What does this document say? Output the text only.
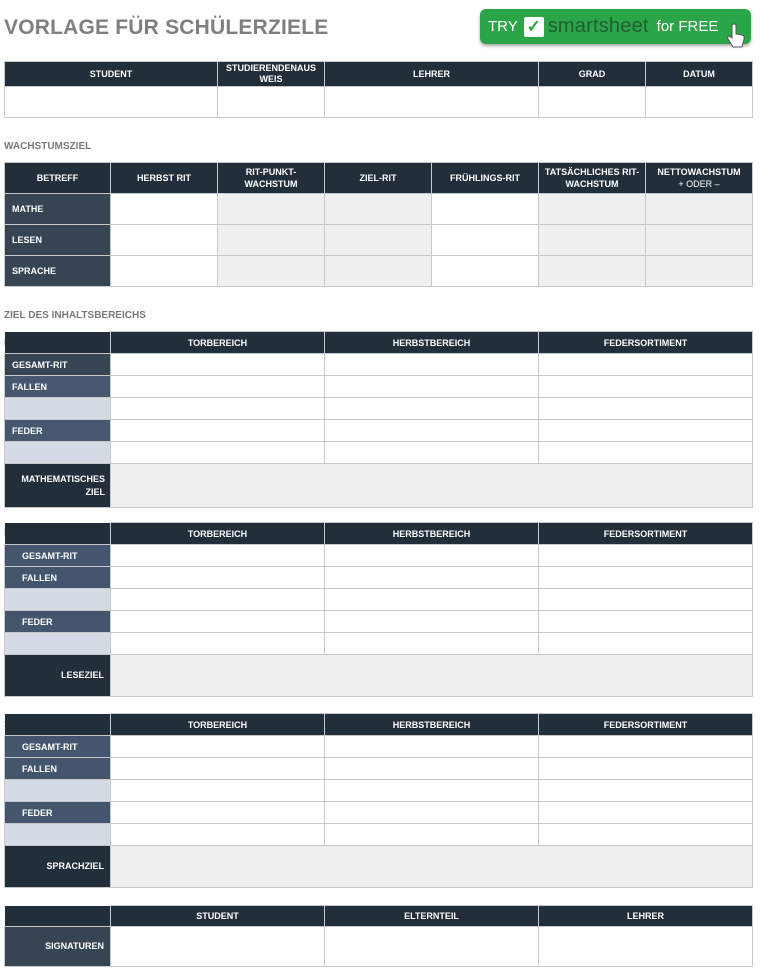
VORLAGE FÜR SCHÜLERZIELE	TRY ✓ smartsheet for FREE
STUDENT	STUDIERENDENAUSWEIS	LEHRER	GRAD	DATUM

WACHSTUMSZIEL
BETREFF	HERBST RIT	RIT-PUNKT-WACHSTUM	ZIEL-RIT	FRÜHLINGS-RIT	TATSÄCHLICHES RIT-WACHSTUM	NETTOWACHSTUM
+ ODER –

MATHE						
LESEN						
SPRACHE						
ZIEL DES INHALTSBEREICHS
	TORBEREICH	HERBSTBEREICH	FEDERSORTIMENT
GESAMT-RIT			
FALLEN			

FEDER			

MATHEMATISCHES ZIEL			
	TORBEREICH	HERBSTBEREICH	FEDERSORTIMENT
GESAMT-RIT			
FALLEN			

FEDER			

LESEZIEL			
	TORBEREICH	HERBSTBEREICH	FEDERSORTIMENT
GESAMT-RIT			
FALLEN			

FEDER			

SPRACHZIEL			
	STUDENT	ELTERNTEIL	LEHRER
SIGNATUREN			
